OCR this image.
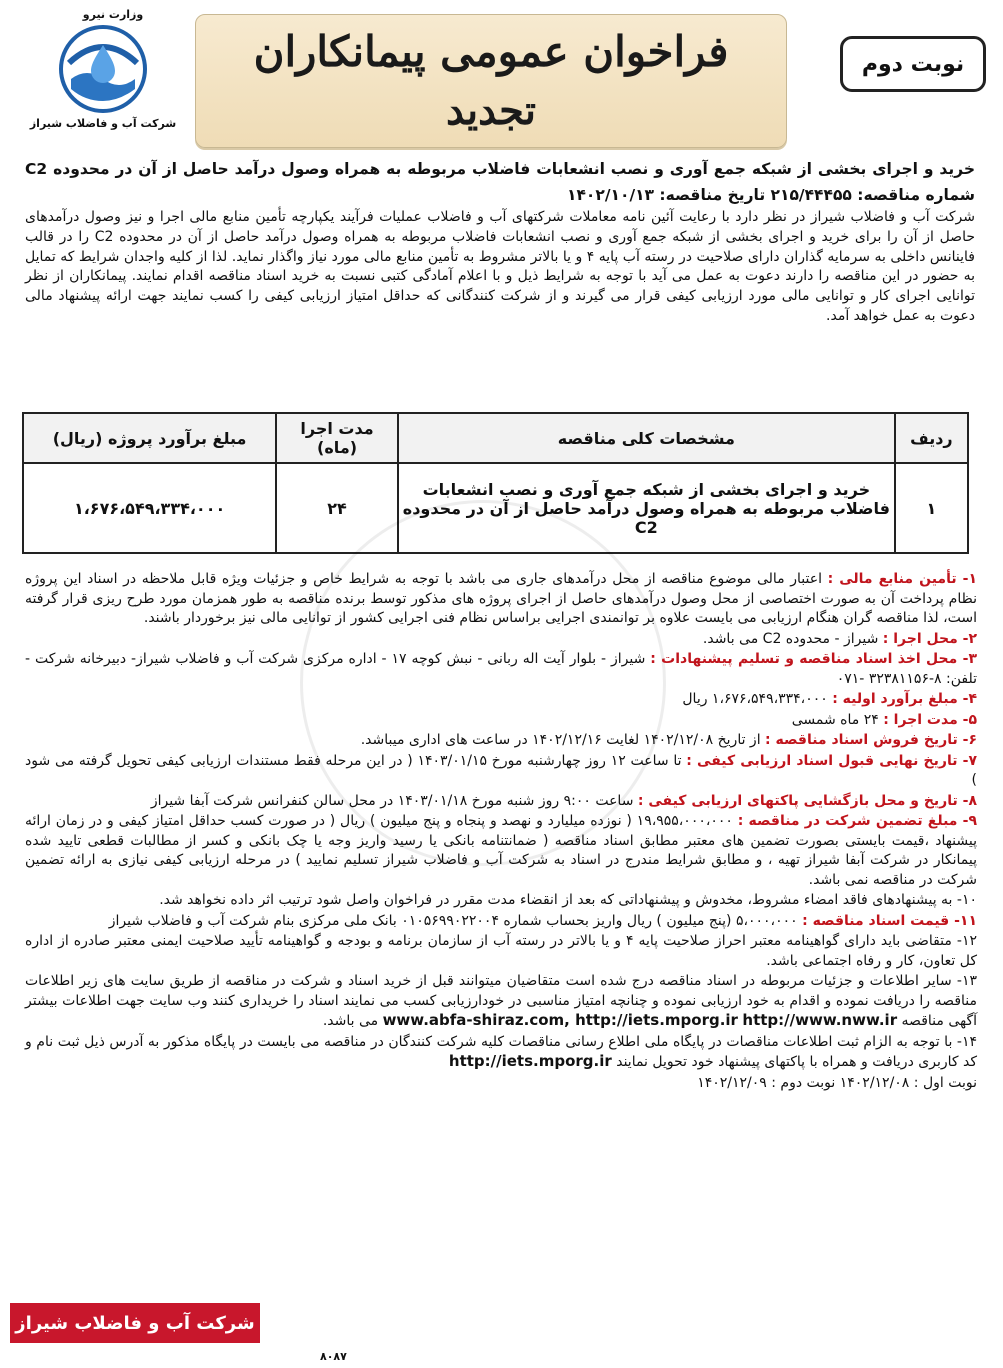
نوبت دوم
فراخوان عمومی پیمانکاران
تجدید
وزارت نیرو
شرکت آب و فاضلاب شیراز
خرید و اجرای بخشی از شبکه جمع آوری و نصب انشعابات فاضلاب مربوطه به همراه وصول درآمد حاصل از آن در محدوده C2 شماره مناقصه: ۲۱۵/۴۴۴۵۵ تاریخ مناقصه: ۱۴۰۲/۱۰/۱۳
شرکت آب و فاضلاب شیراز در نظر دارد با رعایت آئین نامه معاملات شرکتهای آب و فاضلاب عملیات فرآیند یکپارچه تأمین منابع مالی اجرا و نیز وصول درآمدهای حاصل از آن را برای خرید و اجرای بخشی از شبکه جمع آوری و نصب انشعابات فاضلاب مربوطه به همراه وصول درآمد حاصل از آن در محدوده C2 را در قالب فاینانس داخلی به سرمایه گذاران دارای صلاحیت در رسته آب پایه ۴ و یا بالاتر مشروط به تأمین منابع مالی مورد نیاز واگذار نماید. لذا از کلیه واجدان شرایط که تمایل به حضور در این مناقصه را دارند دعوت به عمل می آید با توجه به شرایط ذیل و با اعلام آمادگی کتبی نسبت به خرید اسناد مناقصه اقدام نمایند. پیمانکاران از نظر توانایی اجرای کار و توانایی مالی مورد ارزیابی کیفی قرار می گیرند و از شرکت کنندگانی که حداقل امتیاز ارزیابی کیفی را کسب نمایند جهت ارائه پیشنهاد مالی دعوت به عمل خواهد آمد.
ردیف	مشخصات کلی مناقصه	مدت اجرا (ماه)	مبلغ برآورد پروژه (ریال)
۱	خرید و اجرای بخشی از شبکه جمع آوری و نصب انشعابات فاضلاب مربوطه به همراه وصول درآمد حاصل از آن در محدوده C2	۲۴	۱،۶۷۶،۵۴۹،۳۳۴،۰۰۰
۱- تأمین منابع مالی : اعتبار مالی موضوع مناقصه از محل درآمدهای جاری می باشد با توجه به شرایط خاص و جزئیات ویژه قابل ملاحظه در اسناد این پروژه نظام پرداخت آن به صورت اختصاصی از محل وصول درآمدهای حاصل از اجرای پروژه های مذکور توسط برنده مناقصه به طور همزمان مورد طرح ریزی قرار گرفته است، لذا مناقصه گران هنگام ارزیابی می بایست علاوه بر توانمندی اجرایی براساس نظام فنی اجرایی کشور از توانایی مالی نیز برخوردار باشند.
۲- محل اجرا : شیراز - محدوده C2 می باشد.
۳- محل اخذ اسناد مناقصه و تسلیم پیشنهادات : شیراز - بلوار آیت اله ربانی - نبش کوچه ۱۷ - اداره مرکزی شرکت آب و فاضلاب شیراز- دبیرخانه شرکت - تلفن: ۸-۳۲۳۸۱۱۵۶ -۰۷۱
۴- مبلغ برآورد اولیه : ۱،۶۷۶،۵۴۹،۳۳۴،۰۰۰ ریال
۵- مدت اجرا : ۲۴ ماه شمسی
۶- تاریخ فروش اسناد مناقصه : از تاریخ ۱۴۰۲/۱۲/۰۸ لغایت ۱۴۰۲/۱۲/۱۶ در ساعت های اداری میباشد.
۷- تاریخ نهایی قبول اسناد ارزیابی کیفی : تا ساعت ۱۲ روز چهارشنبه مورخ ۱۴۰۳/۰۱/۱۵ ( در این مرحله فقط مستندات ارزیابی کیفی تحویل گرفته می شود )
۸- تاریخ و محل بازگشایی پاکتهای ارزیابی کیفی : ساعت ۹:۰۰ روز شنبه مورخ ۱۴۰۳/۰۱/۱۸ در محل سالن کنفرانس شرکت آبفا شیراز
۹- مبلغ تضمین شرکت در مناقصه : ۱۹،۹۵۵،۰۰۰،۰۰۰ ( نوزده میلیارد و نهصد و پنجاه و پنج میلیون ) ریال ( در صورت کسب حداقل امتیاز کیفی و در زمان ارائه پیشنهاد ،قیمت بایستی بصورت تضمین های معتبر مطابق اسناد مناقصه ( ضمانتنامه بانکی یا رسید واریز وجه یا چک بانکی و کسر از مطالبات قطعی تایید شده پیمانکار در شرکت آبفا شیراز تهیه ، و مطابق شرایط مندرج در اسناد به شرکت آب و فاضلاب شیراز تسلیم نمایید ) در مرحله ارزیابی کیفی نیازی به ارائه تضمین شرکت در مناقصه نمی باشد.
۱۰- به پیشنهادهای فاقد امضاء مشروط، مخدوش و پیشنهاداتی که بعد از انقضاء مدت مقرر در فراخوان واصل شود ترتیب اثر داده نخواهد شد.
۱۱- قیمت اسناد مناقصه : ۵،۰۰۰،۰۰۰ (پنج میلیون ) ریال واریز بحساب شماره ۰۱۰۵۶۹۹۰۲۲۰۰۴ بانک ملی مرکزی بنام شرکت آب و فاضلاب شیراز
۱۲- متقاضی باید دارای گواهینامه معتبر احراز صلاحیت پایه ۴ و یا بالاتر در رسته آب از سازمان برنامه و بودجه و گواهینامه تأیید صلاحیت ایمنی معتبر صادره از اداره کل تعاون، کار و رفاه اجتماعی باشد.
۱۳- سایر اطلاعات و جزئیات مربوطه در اسناد مناقصه درج شده است متقاضیان میتوانند قبل از خرید اسناد و شرکت در مناقصه از طریق سایت های زیر اطلاعات مناقصه را دریافت نموده و اقدام به خود ارزیابی نموده و چنانچه امتیاز مناسبی در خودارزیابی کسب می نمایند اسناد را خریداری کنند وب سایت جهت اطلاعات بیشتر آگهی مناقصه www.abfa-shiraz.com, http://iets.mporg.ir http://www.nww.ir می باشد.
۱۴- با توجه به الزام ثبت اطلاعات مناقصات در پایگاه ملی اطلاع رسانی مناقصات کلیه شرکت کنندگان در مناقصه می بایست در پایگاه مذکور به آدرس ذیل ثبت نام و کد کاربری دریافت و همراه با پاکتهای پیشنهاد خود تحویل نمایند http://iets.mporg.ir
نوبت اول : ۱۴۰۲/۱۲/۰۸ نوبت دوم : ۱۴۰۲/۱۲/۰۹
شرکت آب و فاضلاب شیراز
۸۰۸۷
